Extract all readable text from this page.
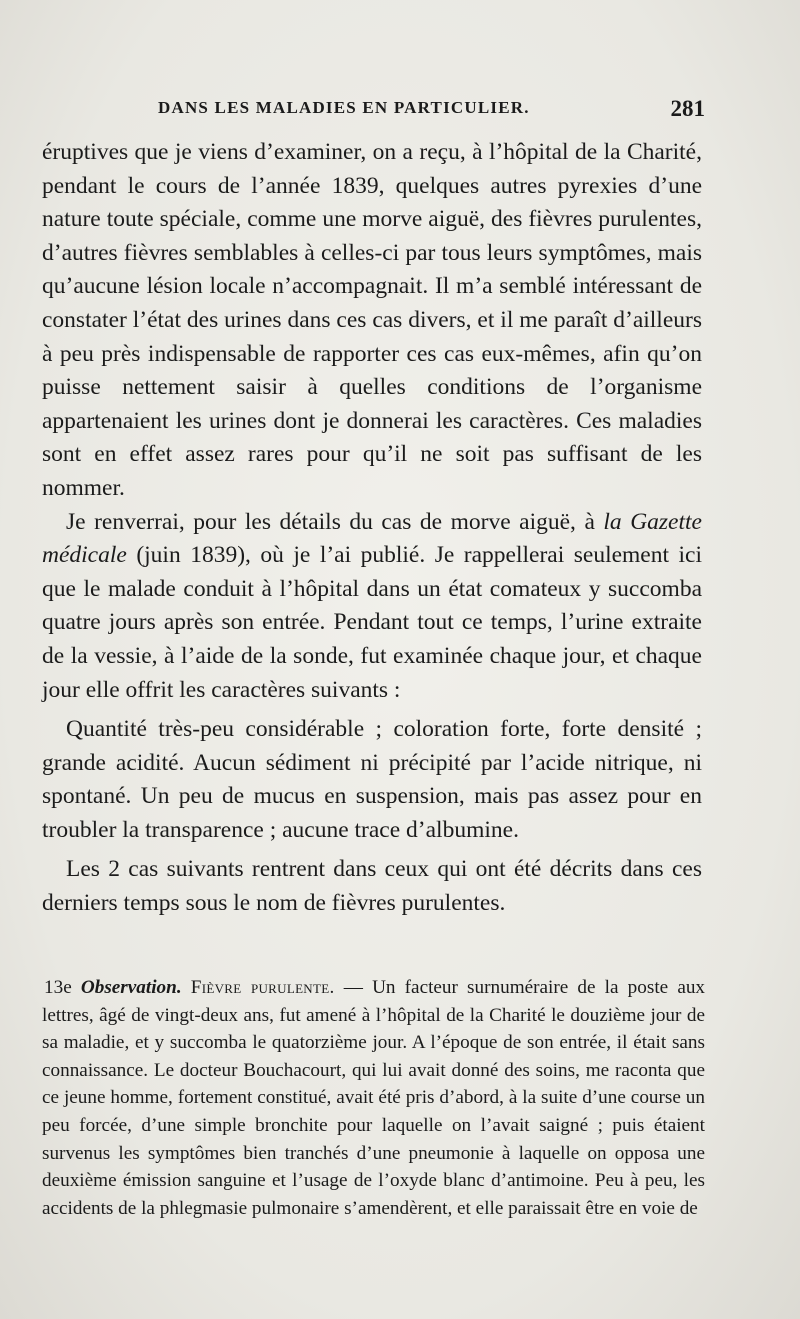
DANS LES MALADIES EN PARTICULIER.	281

éruptives que je viens d’examiner, on a reçu, à l’hôpital de la Charité, pendant le cours de l’année 1839, quelques autres pyrexies d’une nature toute spéciale, comme une morve aiguë, des fièvres purulentes, d’autres fièvres semblables à celles-ci par tous leurs symptômes, mais qu’aucune lésion locale n’accompagnait. Il m’a semblé intéressant de constater l’état des urines dans ces cas divers, et il me paraît d’ailleurs à peu près indispensable de rapporter ces cas eux-mêmes, afin qu’on puisse nettement saisir à quelles conditions de l’organisme appartenaient les urines dont je donnerai les caractères. Ces maladies sont en effet assez rares pour qu’il ne soit pas suffisant de les nommer.

Je renverrai, pour les détails du cas de morve aiguë, à la Gazette médicale (juin 1839), où je l’ai publié. Je rappellerai seulement ici que le malade conduit à l’hôpital dans un état comateux y succomba quatre jours après son entrée. Pendant tout ce temps, l’urine extraite de la vessie, à l’aide de la sonde, fut examinée chaque jour, et chaque jour elle offrit les caractères suivants :

Quantité très-peu considérable ; coloration forte, forte densité ; grande acidité. Aucun sédiment ni précipité par l’acide nitrique, ni spontané. Un peu de mucus en suspension, mais pas assez pour en troubler la transparence ; aucune trace d’albumine.

Les 2 cas suivants rentrent dans ceux qui ont été décrits dans ces derniers temps sous le nom de fièvres purulentes.

13e Observation. Fièvre purulente. — Un facteur surnuméraire de la poste aux lettres, âgé de vingt-deux ans, fut amené à l’hôpital de la Charité le douzième jour de sa maladie, et y succomba le quatorzième jour. A l’époque de son entrée, il était sans connaissance. Le docteur Bouchacourt, qui lui avait donné des soins, me raconta que ce jeune homme, fortement constitué, avait été pris d’abord, à la suite d’une course un peu forcée, d’une simple bronchite pour laquelle on l’avait saigné ; puis étaient survenus les symptômes bien tranchés d’une pneumonie à laquelle on opposa une deuxième émission sanguine et l’usage de l’oxyde blanc d’antimoine. Peu à peu, les accidents de la phlegmasie pulmonaire s’amendèrent, et elle paraissait être en voie de
